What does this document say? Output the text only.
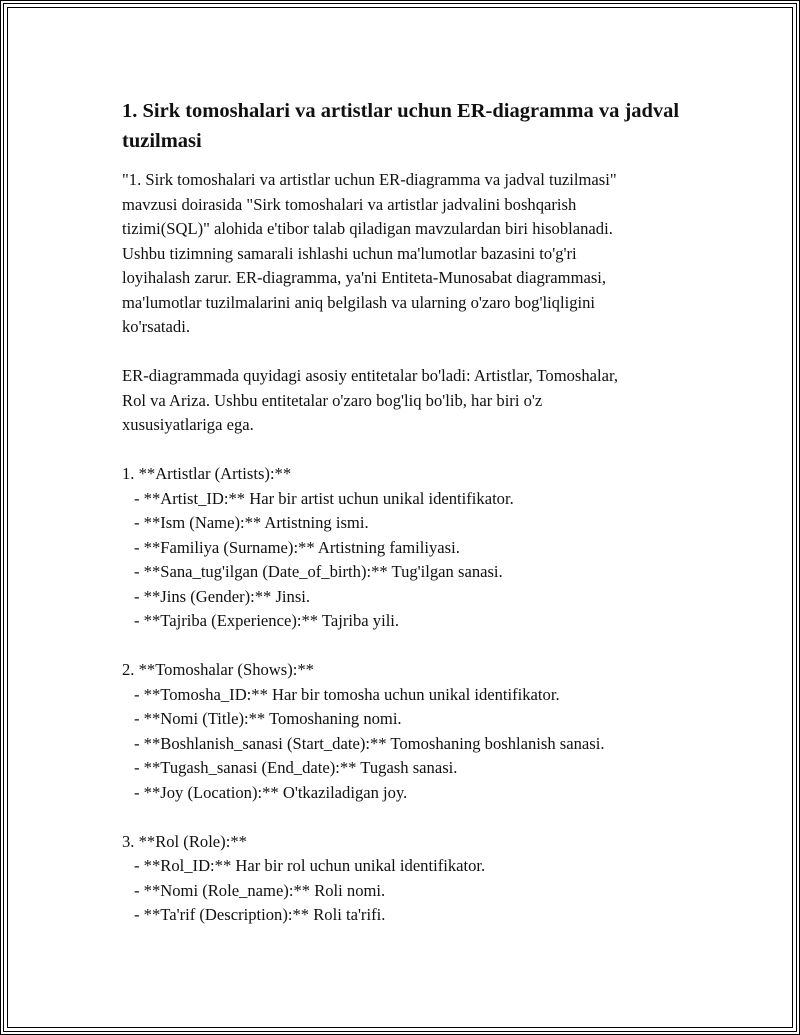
1. Sirk tomoshalari va artistlar uchun ER-diagramma va jadval tuzilmasi
"1. Sirk tomoshalari va artistlar uchun ER-diagramma va jadval tuzilmasi"
mavzusi doirasida "Sirk tomoshalari va artistlar jadvalini boshqarish
tizimi(SQL)" alohida e'tibor talab qiladigan mavzulardan biri hisoblanadi.
Ushbu tizimning samarali ishlashi uchun ma'lumotlar bazasini to'g'ri
loyihalash zarur. ER-diagramma, ya'ni Entiteta-Munosabat diagrammasi,
ma'lumotlar tuzilmalarini aniq belgilash va ularning o'zaro bog'liqligini
ko'rsatadi.
ER-diagrammada quyidagi asosiy entitetalar bo'ladi: Artistlar, Tomoshalar,
Rol va Ariza. Ushbu entitetalar o'zaro bog'liq bo'lib, har biri o'z
xususiyatlariga ega.
1. **Artistlar (Artists):**
- **Artist_ID:** Har bir artist uchun unikal identifikator.
- **Ism (Name):** Artistning ismi.
- **Familiya (Surname):** Artistning familiyasi.
- **Sana_tug'ilgan (Date_of_birth):** Tug'ilgan sanasi.
- **Jins (Gender):** Jinsi.
- **Tajriba (Experience):** Tajriba yili.
2. **Tomoshalar (Shows):**
- **Tomosha_ID:** Har bir tomosha uchun unikal identifikator.
- **Nomi (Title):** Tomoshaning nomi.
- **Boshlanish_sanasi (Start_date):** Tomoshaning boshlanish sanasi.
- **Tugash_sanasi (End_date):** Tugash sanasi.
- **Joy (Location):** O'tkaziladigan joy.
3. **Rol (Role):**
- **Rol_ID:** Har bir rol uchun unikal identifikator.
- **Nomi (Role_name):** Roli nomi.
- **Ta'rif (Description):** Roli ta'rifi.
